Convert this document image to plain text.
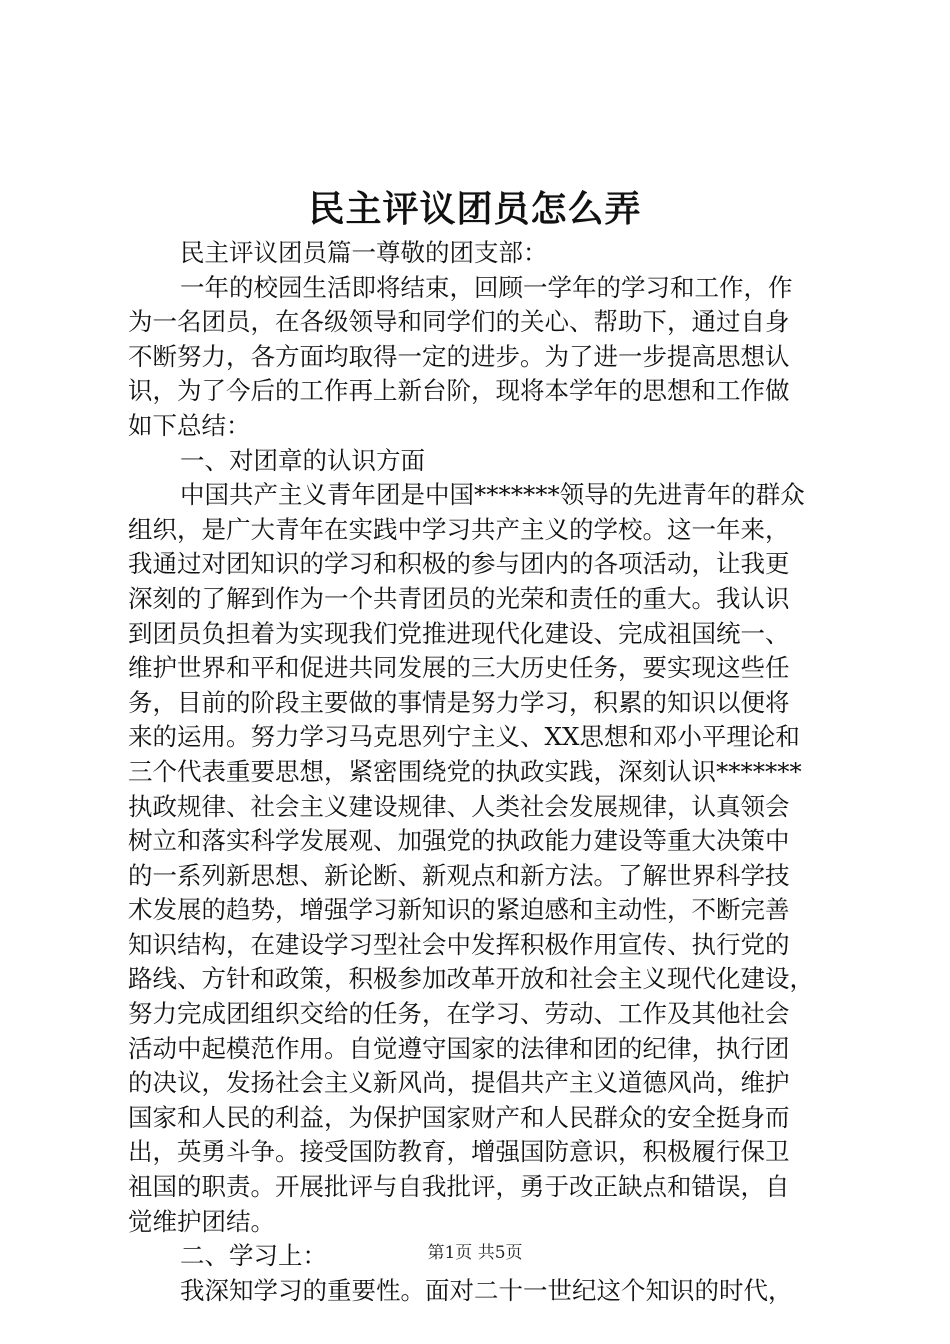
民主评议团员怎么弄
民主评议团员篇一尊敬的团支部：
一年的校园生活即将结束，回顾一学年的学习和工作，作
为一名团员，在各级领导和同学们的关心、帮助下，通过自身
不断努力，各方面均取得一定的进步。为了进一步提高思想认
识，为了今后的工作再上新台阶，现将本学年的思想和工作做
如下总结：
一、对团章的认识方面
中国共产主义青年团是中国*******领导的先进青年的群众
组织，是广大青年在实践中学习共产主义的学校。这一年来，
我通过对团知识的学习和积极的参与团内的各项活动，让我更
深刻的了解到作为一个共青团员的光荣和责任的重大。我认识
到团员负担着为实现我们党推进现代化建设、完成祖国统一、
维护世界和平和促进共同发展的三大历史任务，要实现这些任
务，目前的阶段主要做的事情是努力学习，积累的知识以便将
来的运用。努力学习马克思列宁主义、XX思想和邓小平理论和
三个代表重要思想，紧密围绕党的执政实践，深刻认识*******
执政规律、社会主义建设规律、人类社会发展规律，认真领会
树立和落实科学发展观、加强党的执政能力建设等重大决策中
的一系列新思想、新论断、新观点和新方法。了解世界科学技
术发展的趋势，增强学习新知识的紧迫感和主动性，不断完善
知识结构，在建设学习型社会中发挥积极作用宣传、执行党的
路线、方针和政策，积极参加改革开放和社会主义现代化建设，
努力完成团组织交给的任务，在学习、劳动、工作及其他社会
活动中起模范作用。自觉遵守国家的法律和团的纪律，执行团
的决议，发扬社会主义新风尚，提倡共产主义道德风尚，维护
国家和人民的利益，为保护国家财产和人民群众的安全挺身而
出，英勇斗争。接受国防教育，增强国防意识，积极履行保卫
祖国的职责。开展批评与自我批评，勇于改正缺点和错误，自
觉维护团结。
二、学习上：
我深知学习的重要性。面对二十一世纪这个知识的时代，
第1页 共5页
